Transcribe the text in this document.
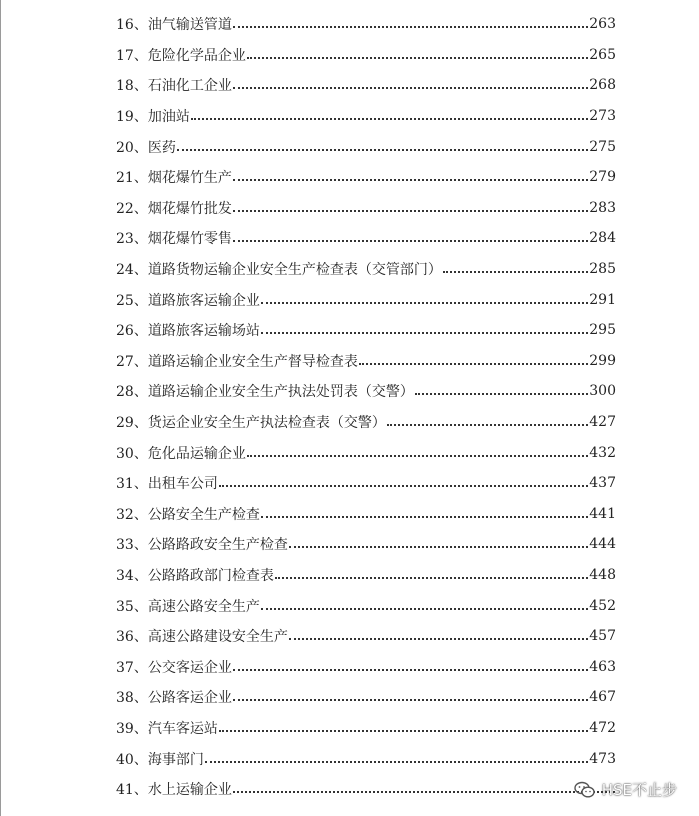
16、 油气输送管道	263
17、 危险化学品企业	265
18、 石油化工企业	268
19、 加油站	273
20、 医药	275
21、 烟花爆竹生产	279
22、 烟花爆竹批发	283
23、 烟花爆竹零售	284
24、 道路货物运输企业安全生产检查表（交管部门）	285
25、 道路旅客运输企业	291
26、 道路旅客运输场站	295
27、 道路运输企业安全生产督导检查表	299
28、 道路运输企业安全生产执法处罚表（交警）	300
29、 货运企业安全生产执法检查表（交警）	427
30、 危化品运输企业	432
31、 出租车公司	437
32、 公路安全生产检查	441
33、 公路路政安全生产检查	444
34、 公路路政部门检查表	448
35、 高速公路安全生产	452
36、 高速公路建设安全生产	457
37、 公交客运企业	463
38、 公路客运企业	467
39、 汽车客运站	472
40、 海事部门	473
41、 水上运输企业	HSE不止步
